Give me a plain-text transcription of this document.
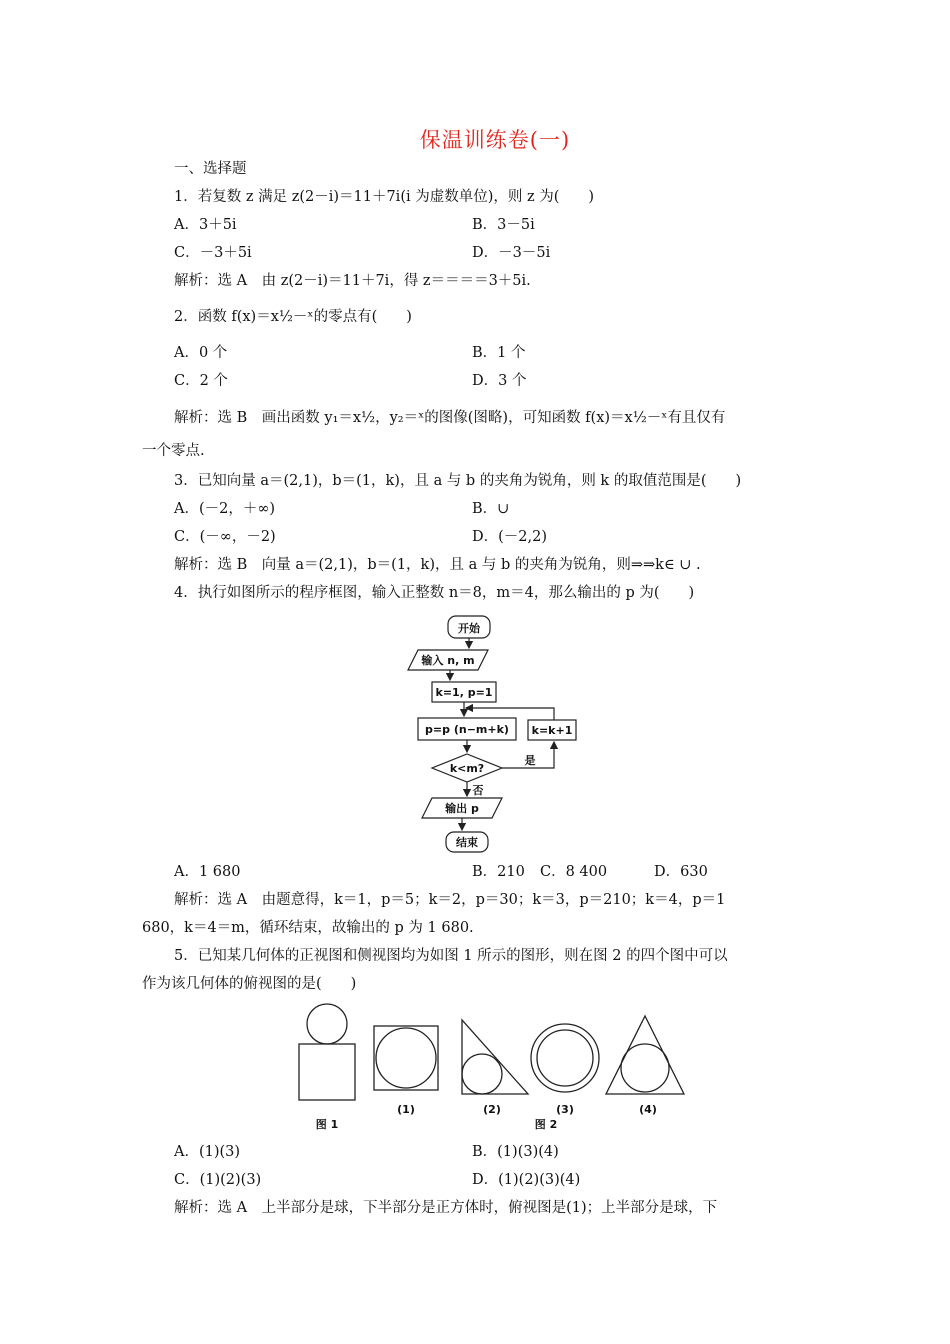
保温训练卷(一)
一、选择题
1．若复数 z 满足 z(2－i)＝11＋7i(i 为虚数单位)，则 z 为(　　)
A．3＋5i	B．3－5i
C．－3＋5i	D．－3－5i
解析：选 A　由 z(2－i)＝11＋7i，得 z＝＝＝＝3＋5i.
2．函数 f(x)＝x½－ˣ的零点有(　　)
A．0 个	B．1 个
C．2 个	D．3 个
解析：选 B　画出函数 y₁＝x½，y₂＝ˣ的图像(图略)，可知函数 f(x)＝x½－ˣ有且仅有
一个零点.
3．已知向量 a＝(2,1)，b＝(1，k)，且 a 与 b 的夹角为锐角，则 k 的取值范围是(　　)
A．(－2，＋∞)	B．∪
C．(－∞，－2)	D．(－2,2)
解析：选 B　向量 a＝(2,1)，b＝(1，k)，且 a 与 b 的夹角为锐角，则⇒⇒k∈ ∪ .
4．执行如图所示的程序框图，输入正整数 n＝8，m＝4，那么输出的 p 为(　　)
开始
输入 n, m
k=1, p=1
p=p (n−m+k) k=k+1
k<m?
是
否
输出 p
结束
A．1 680	B．210 C．8 400	D．630
解析：选 A　由题意得，k＝1，p＝5；k＝2，p＝30；k＝3，p＝210；k＝4，p＝1
680，k＝4＝m，循环结束，故输出的 p 为 1 680.
5．已知某几何体的正视图和侧视图均为如图 1 所示的图形，则在图 2 的四个图中可以
作为该几何体的俯视图的是(　　)
(1)	(2)	(3)	(4)
图 1	图 2
A．(1)(3)	B．(1)(3)(4)
C．(1)(2)(3)	D．(1)(2)(3)(4)
解析：选 A　上半部分是球，下半部分是正方体时，俯视图是(1)；上半部分是球，下
